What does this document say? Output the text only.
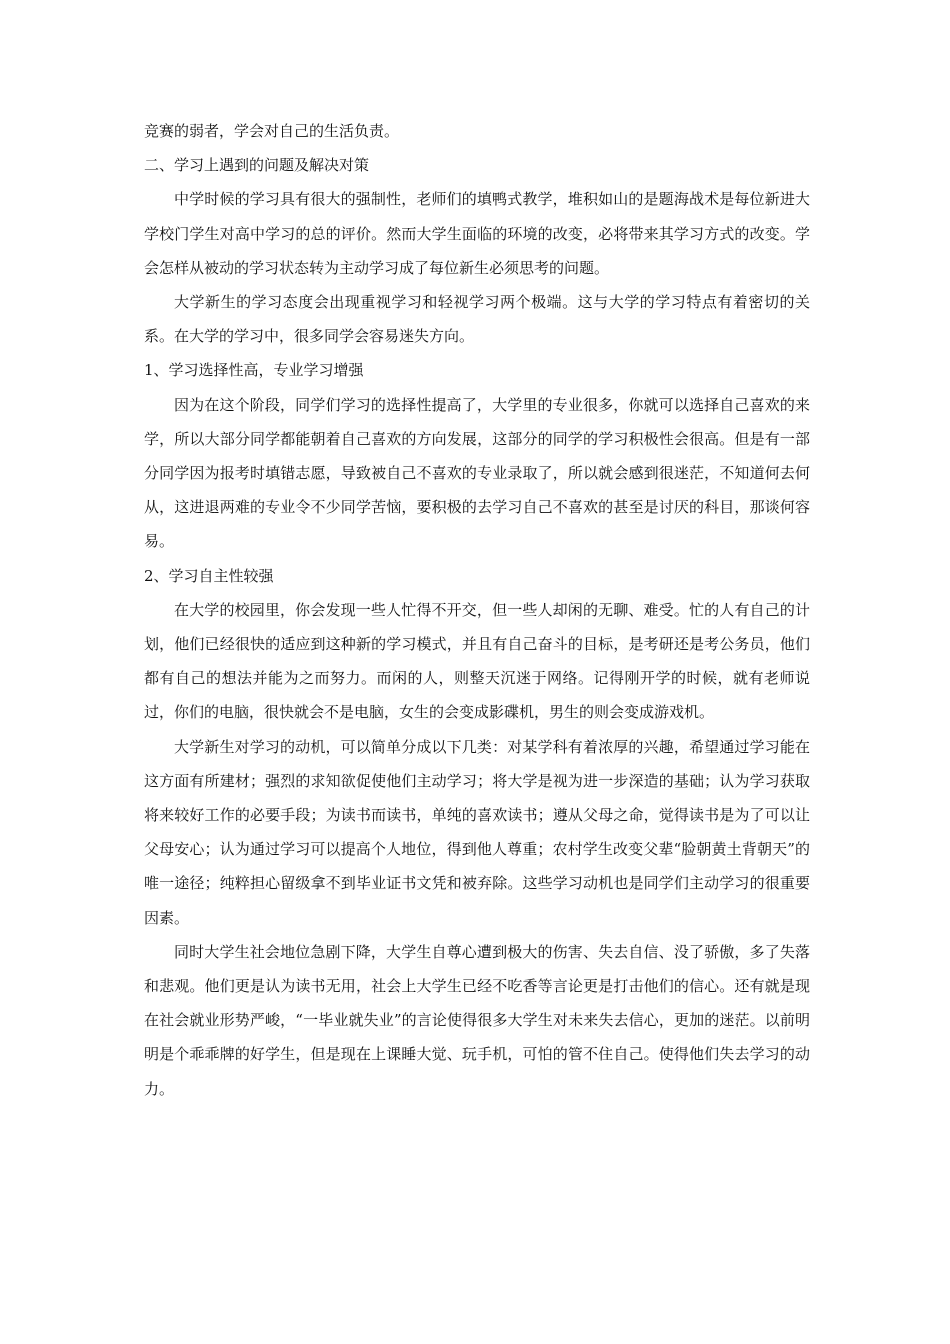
竞赛的弱者，学会对自己的生活负责。

二、学习上遇到的问题及解决对策

中学时候的学习具有很大的强制性，老师们的填鸭式教学，堆积如山的是题海战术是每位新进大学校门学生对高中学习的总的评价。然而大学生面临的环境的改变，必将带来其学习方式的改变。学会怎样从被动的学习状态转为主动学习成了每位新生必须思考的问题。

大学新生的学习态度会出现重视学习和轻视学习两个极端。这与大学的学习特点有着密切的关系。在大学的学习中，很多同学会容易迷失方向。

1、学习选择性高，专业学习增强

因为在这个阶段，同学们学习的选择性提高了，大学里的专业很多，你就可以选择自己喜欢的来学，所以大部分同学都能朝着自己喜欢的方向发展，这部分的同学的学习积极性会很高。但是有一部分同学因为报考时填错志愿，导致被自己不喜欢的专业录取了，所以就会感到很迷茫，不知道何去何从，这进退两难的专业令不少同学苦恼，要积极的去学习自己不喜欢的甚至是讨厌的科目，那谈何容易。

2、学习自主性较强

在大学的校园里，你会发现一些人忙得不开交，但一些人却闲的无聊、难受。忙的人有自己的计划，他们已经很快的适应到这种新的学习模式，并且有自己奋斗的目标，是考研还是考公务员，他们都有自己的想法并能为之而努力。而闲的人，则整天沉迷于网络。记得刚开学的时候，就有老师说过，你们的电脑，很快就会不是电脑，女生的会变成影碟机，男生的则会变成游戏机。

大学新生对学习的动机，可以简单分成以下几类：对某学科有着浓厚的兴趣，希望通过学习能在这方面有所建材；强烈的求知欲促使他们主动学习；将大学是视为进一步深造的基础；认为学习获取将来较好工作的必要手段；为读书而读书，单纯的喜欢读书；遵从父母之命，觉得读书是为了可以让父母安心；认为通过学习可以提高个人地位，得到他人尊重；农村学生改变父辈“脸朝黄土背朝天”的唯一途径；纯粹担心留级拿不到毕业证书文凭和被弃除。这些学习动机也是同学们主动学习的很重要因素。

同时大学生社会地位急剧下降，大学生自尊心遭到极大的伤害、失去自信、没了骄傲，多了失落和悲观。他们更是认为读书无用，社会上大学生已经不吃香等言论更是打击他们的信心。还有就是现在社会就业形势严峻，“一毕业就失业”的言论使得很多大学生对未来失去信心，更加的迷茫。以前明明是个乖乖牌的好学生，但是现在上课睡大觉、玩手机，可怕的管不住自己。使得他们失去学习的动力。
